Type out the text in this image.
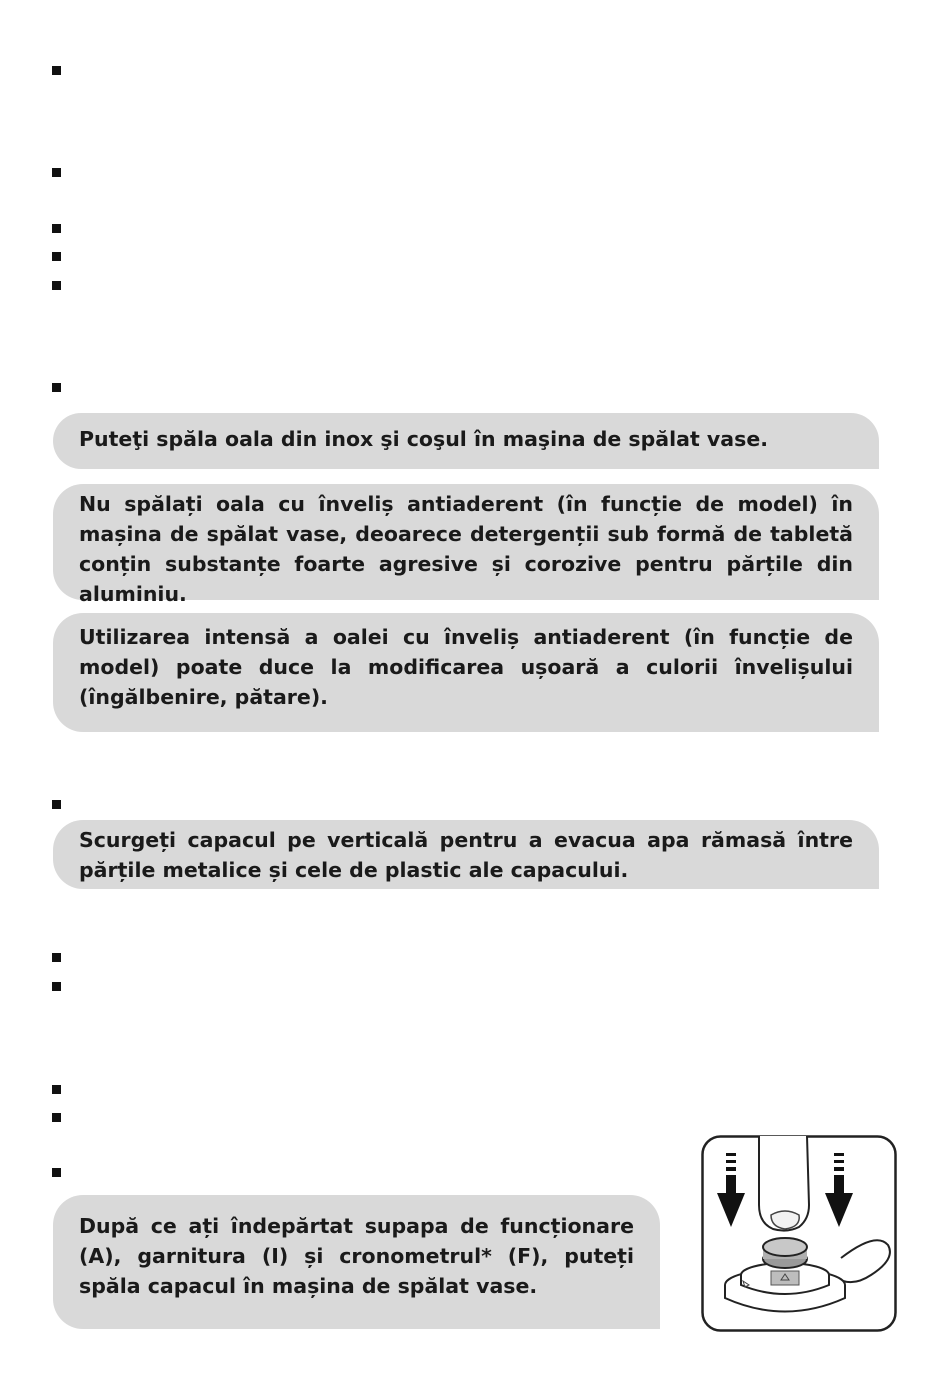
Puteţi spăla oala din inox şi coşul în maşina de spălat vase.
Nu spălați oala cu înveliș antiaderent (în funcție de model) în mașina de spălat vase, deoarece detergenții sub formă de tabletă conțin substanțe foarte agresive și corozive pentru părțile din aluminiu.
Utilizarea intensă a oalei cu înveliș antiaderent (în funcție de model) poate duce la modificarea ușoară a culorii învelișului (îngălbenire, pătare).
Scurgeți capacul pe verticală pentru a evacua apa rămasă între părțile metalice și cele de plastic ale capacului.
După ce ați îndepărtat supapa de funcționare (A), garnitura (I) și cronometrul* (F), puteți spăla capacul în mașina de spălat vase.
